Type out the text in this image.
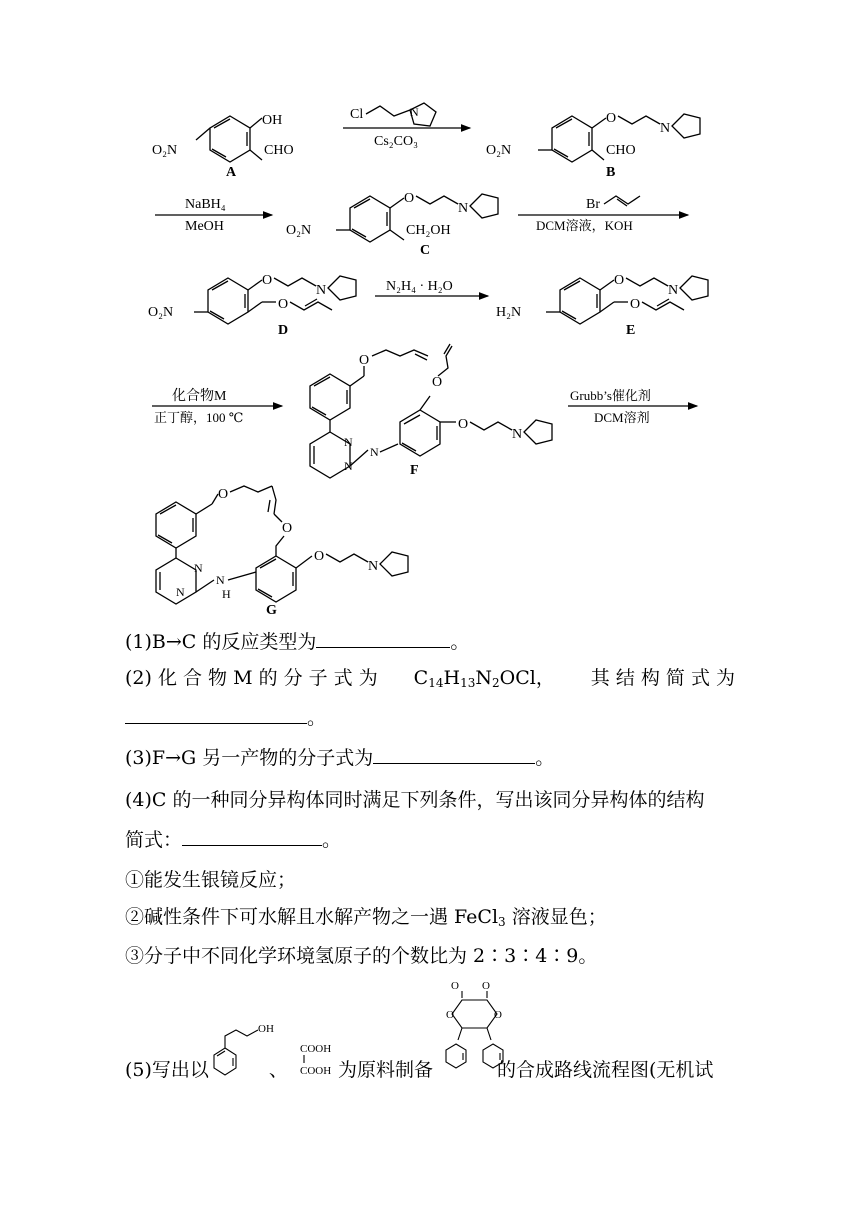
OH
O₂N	CHO
A
Cl	N
Cs₂CO₃
O
N
O₂N	CHO
B
NaBH₄
MeOH
O
N
O₂N	CH₂OH
C
Br
DCM溶液，KOH
O
N
O
O₂N
D
N₂H₄ · H₂O	O
N
O
H₂N
E
化合物M
正丁醇，100 ℃
O
N
N
N
O
O
N
F
Grubb’s催化剂
DCM溶剂
O
O
N
N
N
H
O
N
G
(1)B→C 的反应类型为	。
(2) 化 合 物 M 的 分 子 式 为 $C_{14}H_{13}N_2OCl$， 其 结 构 简 式 为
。
(3)F→G 另一产物的分子式为	。
(4)C 的一种同分异构体同时满足下列条件，写出该同分异构体的结构
简式：	。
①能发生银镜反应；
②碱性条件下可水解且水解产物之一遇 FeCl$_3$ 溶液显色；
③分子中不同化学环境氢原子的个数比为 2∶3∶4∶9。
OH
COOH
COOH
O O
O	O
(5)写出以	、	为原料制备	的合成路线流程图(无机试
